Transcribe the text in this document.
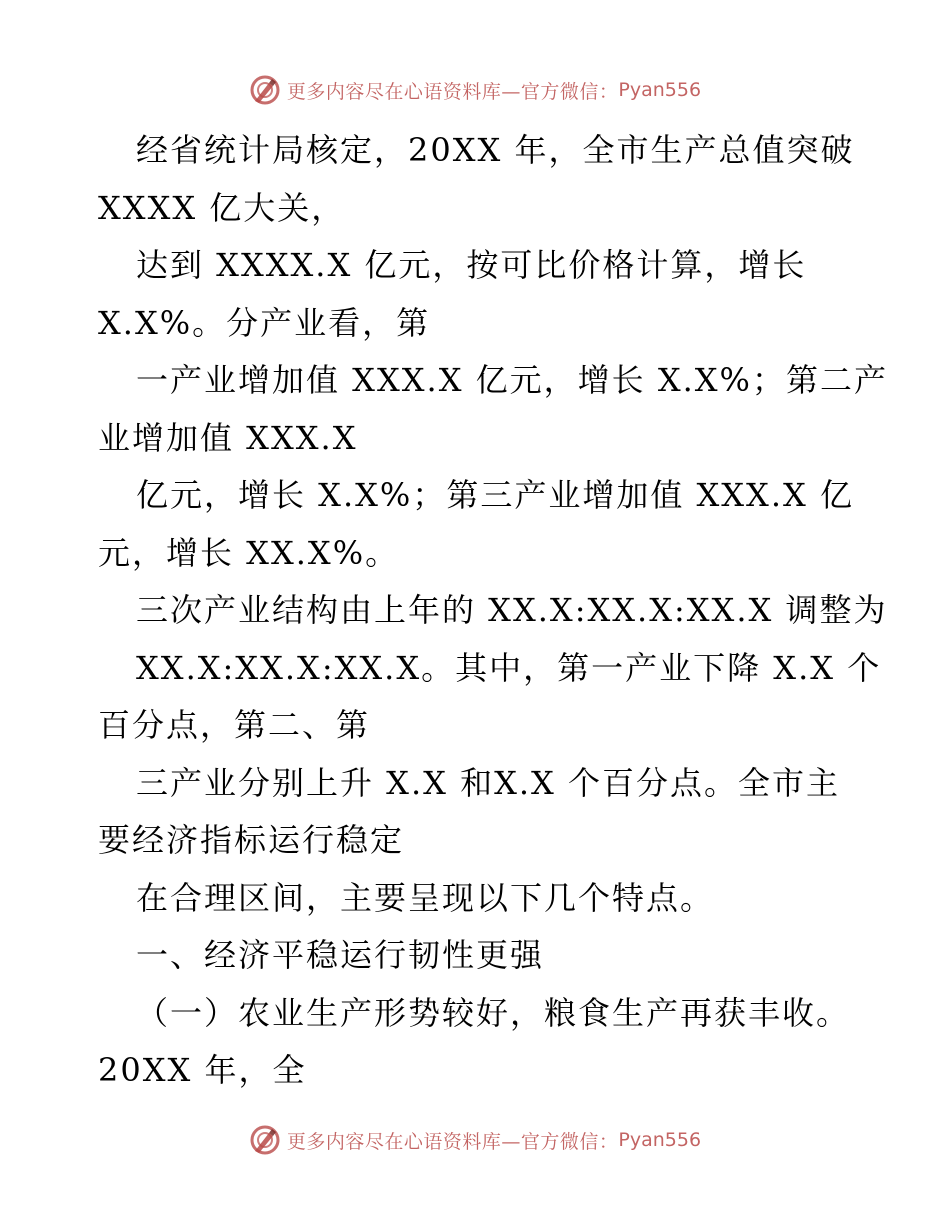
更多内容尽在心语资料库—官方微信： Pyan556
经省统计局核定，20XX 年，全市生产总值突破
XXXX 亿大关，
达到 XXXX.X 亿元，按可比价格计算，增长
X.X%。分产业看，第
一产业增加值 XXX.X 亿元，增长 X.X%；第二产
业增加值 XXX.X
亿元，增长 X.X%；第三产业增加值 XXX.X 亿
元，增长 XX.X%。
三次产业结构由上年的 XX.X:XX.X:XX.X 调整为
XX.X:XX.X:XX.X。其中，第一产业下降 X.X 个
百分点，第二、第
三产业分别上升 X.X 和X.X 个百分点。全市主
要经济指标运行稳定
在合理区间，主要呈现以下几个特点。
一、经济平稳运行韧性更强
（一）农业生产形势较好，粮食生产再获丰收。
20XX 年，全
更多内容尽在心语资料库—官方微信： Pyan556
